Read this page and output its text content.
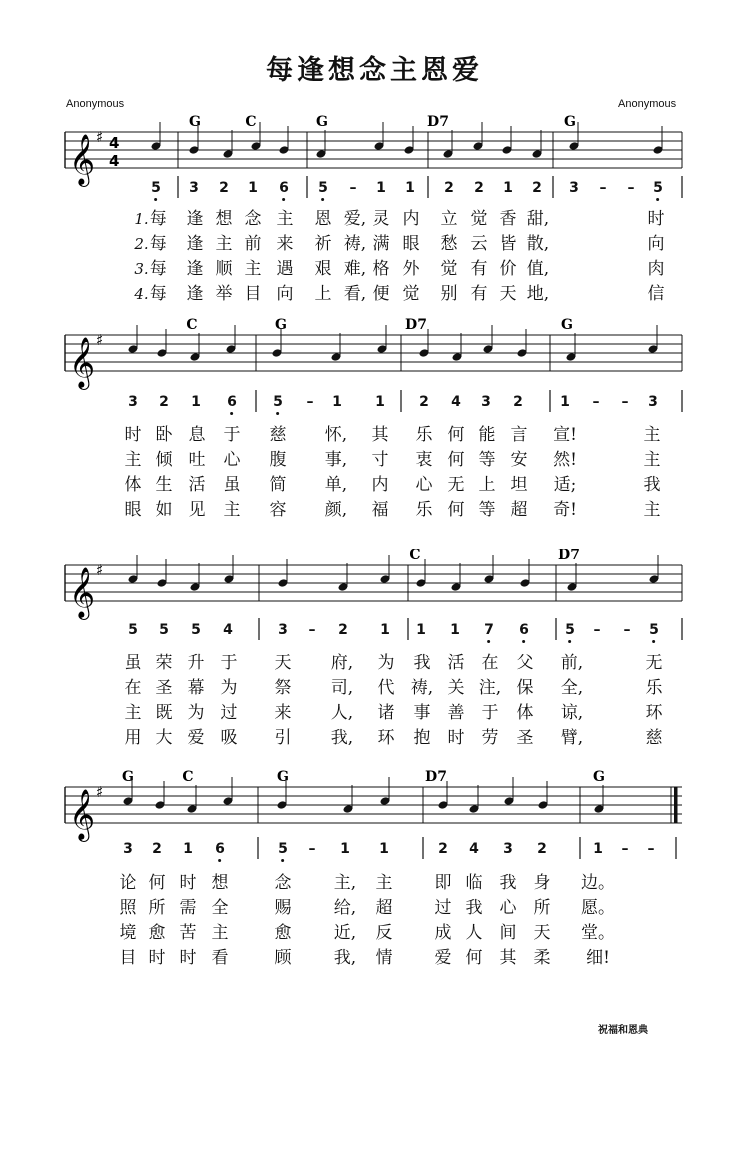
每逢想念主恩爱
Anonymous	Anonymous
𝄞 ♯ 4
4
G	C	G	D7	G
5 3 2 1 6 5 – 1 1 2 2 1 2 3 – – 5
1.每 逢 想 念 主 恩 爱, 灵 内 立 觉 香 甜,	时
2.每 逢 主 前 来 祈 祷, 满 眼 愁 云 皆 散,	向
3.每 逢 顺 主 遇 艰 难, 格 外 觉 有 价 值,	肉
4.每 逢 举 目 向 上 看, 便 觉 别 有 天 地,	信
𝄞 ♯
C	G	D7	G
3 2 1 6	5 – 1 1 2 4 3 2	1 – – 3
时 卧 息 于 慈 怀, 其 乐 何 能 言 宣!	主
主 倾 吐 心 腹 事, 寸 衷 何 等 安 然!	主
体 生 活 虽 简 单, 内 心 无 上 坦 适;	我
眼 如 见 主 容 颜, 福 乐 何 等 超 奇!	主
𝄞 ♯
C	D7
5 5 5 4	3 – 2 1 1 1 7 6	5 – – 5
虽 荣 升 于 天 府, 为 我 活 在 父 前,	无
在 圣 幕 为 祭 司, 代 祷, 关 注, 保 全,	乐
主 既 为 过 来 人, 诸 事 善 于 体 谅,	环
用 大 爱 吸 引 我, 环 抱 时 劳 圣 臂,	慈
𝄞 ♯
G	C	G	D7	G
3 2 1 6	5 – 1 1	2 4 3 2	1 – –
论 何 时 想	念 主, 主 即 临 我 身 边。
照 所 需 全	赐 给, 超 过 我 心 所 愿。
境 愈 苦 主	愈 近, 反 成 人 间 天 堂。
目 时 时 看	顾 我, 情 爱 何 其 柔 细!
祝福和恩典
